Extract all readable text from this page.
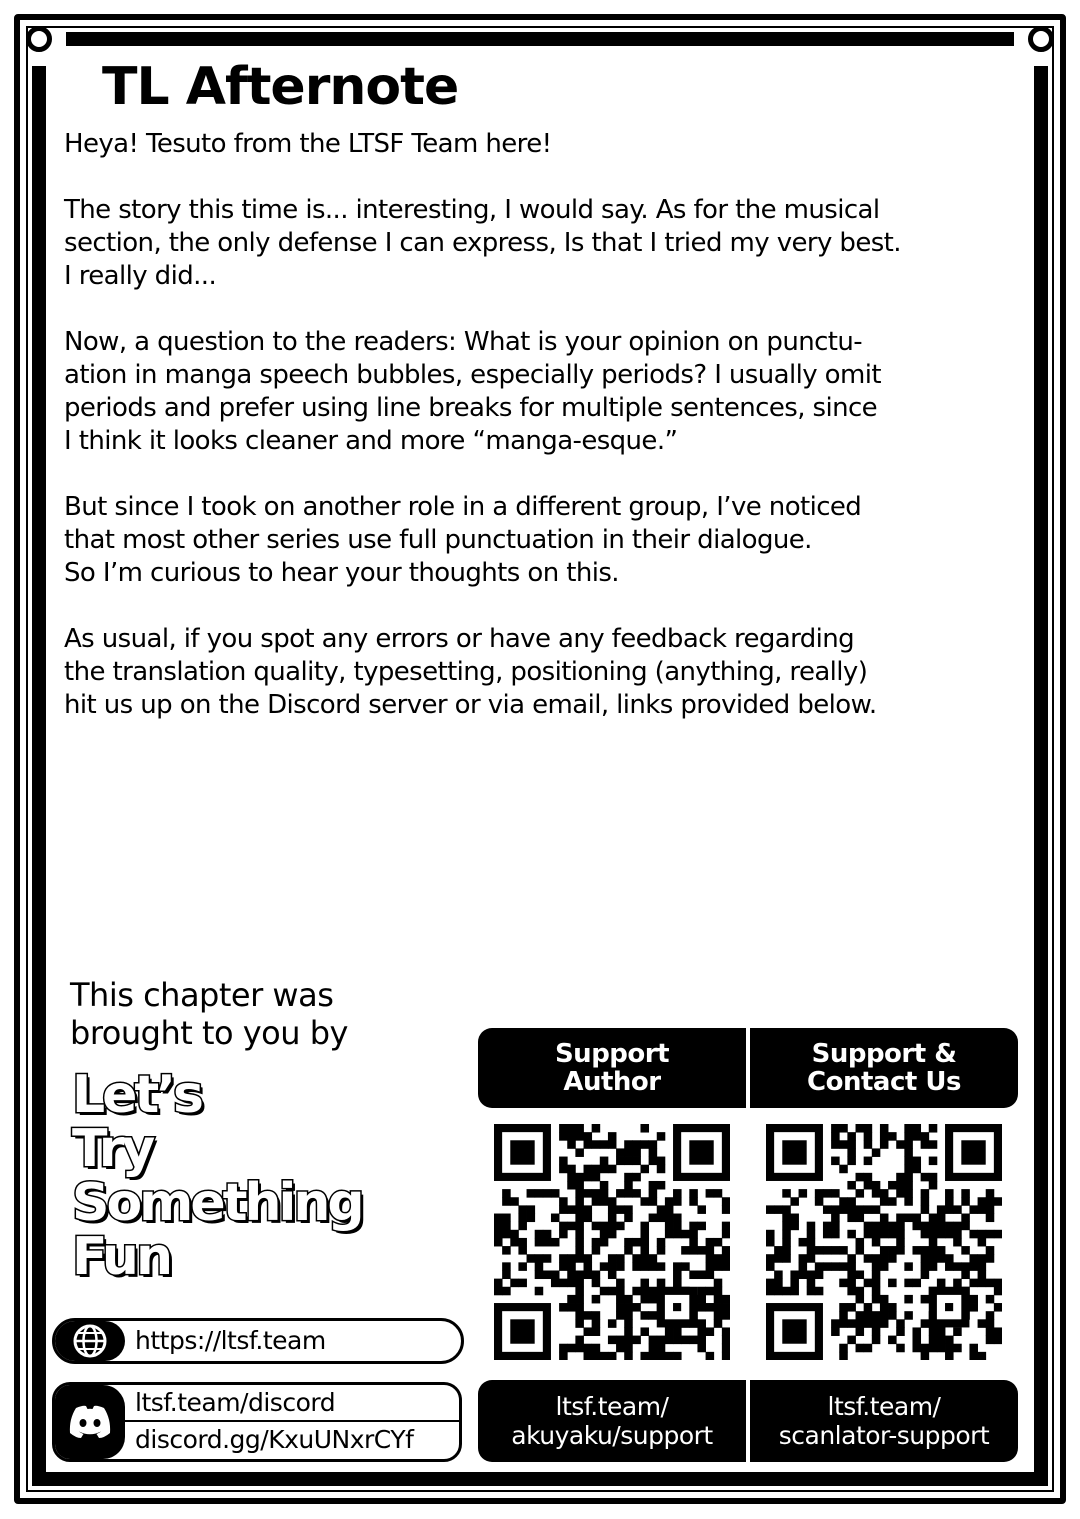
TL Afternote

Heya! Tesuto from the LTSF Team here!

The story this time is... interesting, I would say. As for the musical
section, the only defense I can express, Is that I tried my very best.
I really did...

Now, a question to the readers: What is your opinion on punctu-
ation in manga speech bubbles, especially periods? I usually omit
periods and prefer using line breaks for multiple sentences, since
I think it looks cleaner and more “manga-esque.”

But since I took on another role in a different group, I’ve noticed
that most other series use full punctuation in their dialogue.
So I’m curious to hear your thoughts on this.

As usual, if you spot any errors or have any feedback regarding
the translation quality, typesetting, positioning (anything, really)
hit us up on the Discord server or via email, links provided below.

This chapter was
brought to you by
Let’s
Try
Something
Fun
https://ltsf.team
ltsf.team/discord
discord.gg/KxuUNxrCYf
Support
Author
ltsf.team/
akuyaku/support
Support &
Contact Us
ltsf.team/
scanlator-support
